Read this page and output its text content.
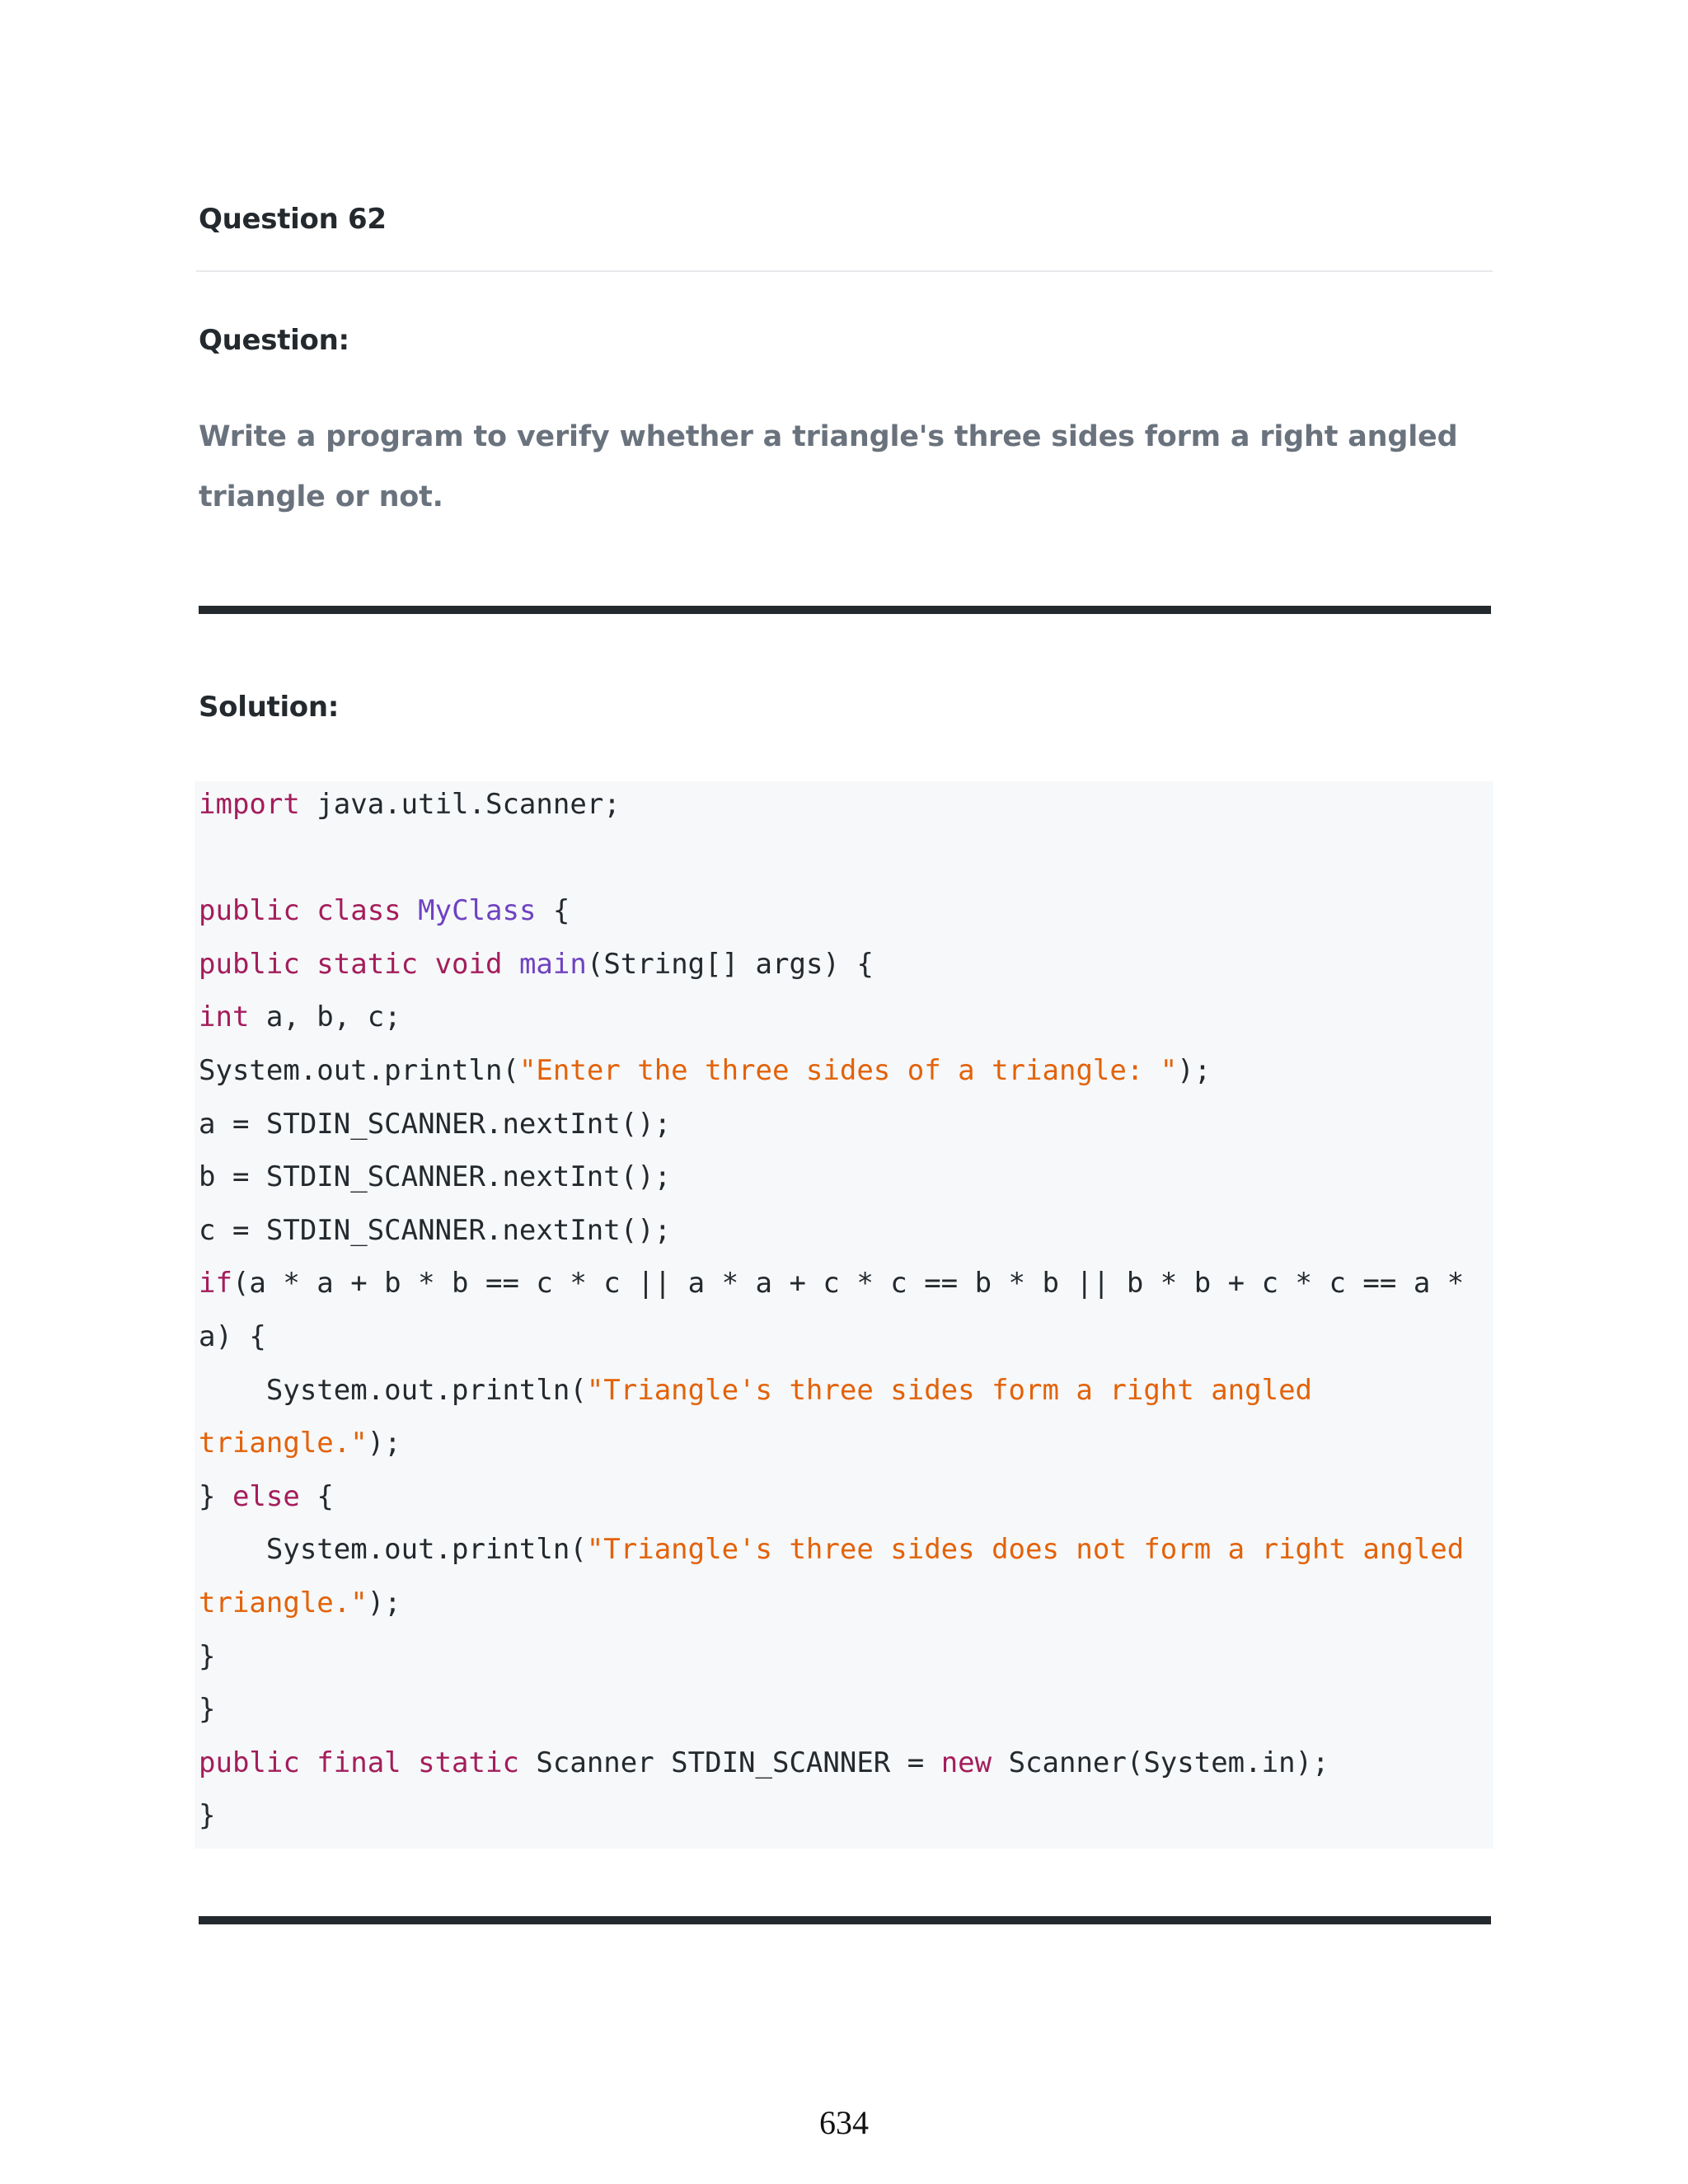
Question 62
Question:

Write a program to verify whether a triangle's three sides form a right angled triangle or not.

Solution:
import java.util.Scanner;
public class MyClass {
public static void main(String[] args) {
int a, b, c;
System.out.println("Enter the three sides of a triangle: ");
a = STDIN_SCANNER.nextInt();
b = STDIN_SCANNER.nextInt();
c = STDIN_SCANNER.nextInt();
if(a * a + b * b == c * c || a * a + c * c == b * b || b * b + c * c == a *
a) {
System.out.println("Triangle's three sides form a right angled
triangle.");
} else {
System.out.println("Triangle's three sides does not form a right angled
triangle.");
}
}
public final static Scanner STDIN_SCANNER = new Scanner(System.in);
}
634
